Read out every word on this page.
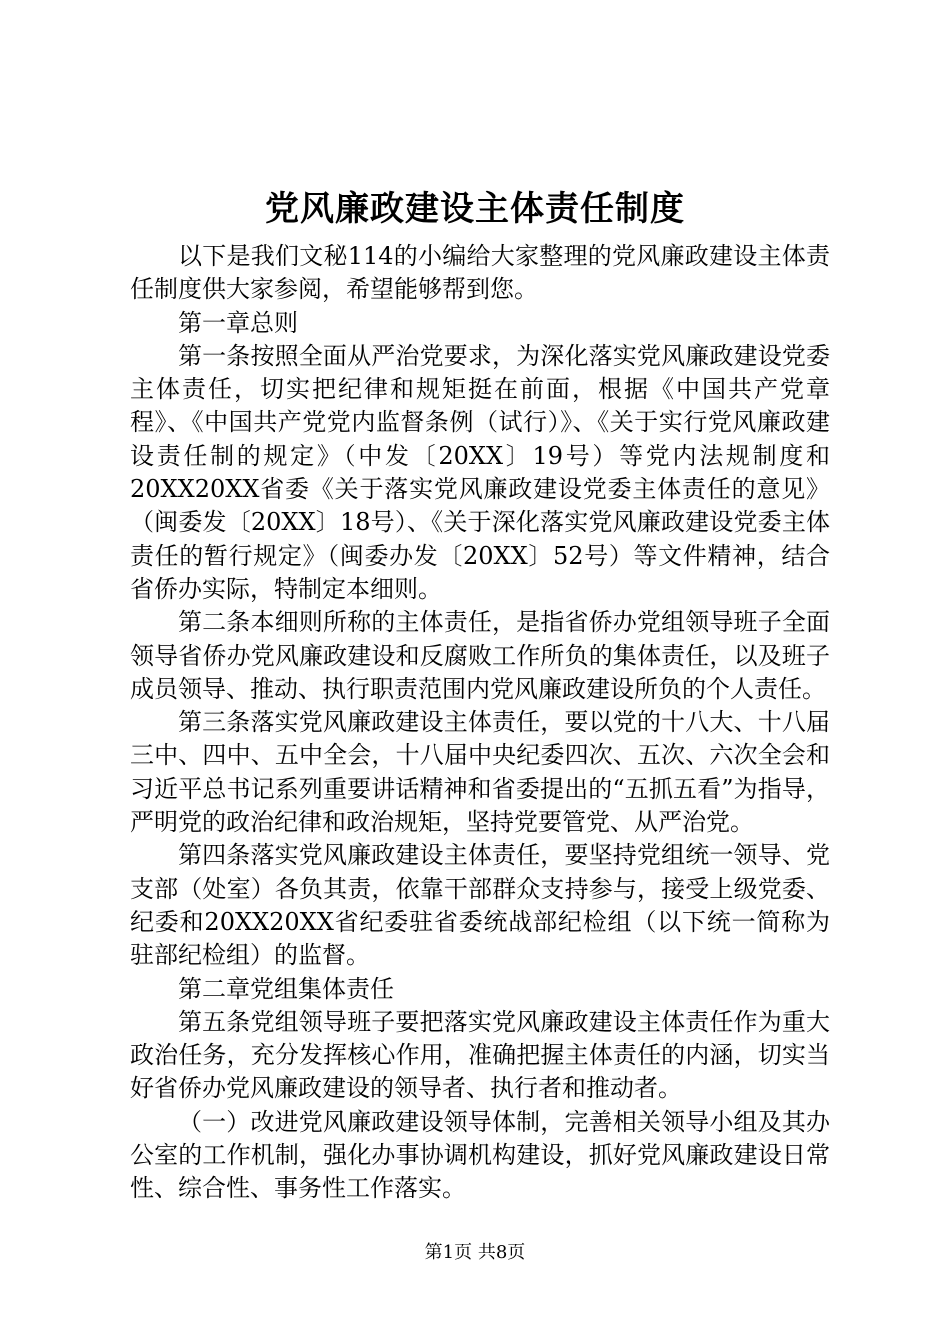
党风廉政建设主体责任制度

以下是我们文秘114的小编给大家整理的党风廉政建设主体责任制度供大家参阅，希望能够帮到您。

第一章总则

第一条按照全面从严治党要求，为深化落实党风廉政建设党委主体责任，切实把纪律和规矩挺在前面，根据《中国共产党章程》、《中国共产党党内监督条例（试行）》、《关于实行党风廉政建设责任制的规定》（中发〔20XX〕19号）等党内法规制度和20XX20XX省委《关于落实党风廉政建设党委主体责任的意见》（闽委发〔20XX〕18号）、《关于深化落实党风廉政建设党委主体责任的暂行规定》（闽委办发〔20XX〕52号）等文件精神，结合省侨办实际，特制定本细则。

第二条本细则所称的主体责任，是指省侨办党组领导班子全面领导省侨办党风廉政建设和反腐败工作所负的集体责任，以及班子成员领导、推动、执行职责范围内党风廉政建设所负的个人责任。

第三条落实党风廉政建设主体责任，要以党的十八大、十八届三中、四中、五中全会，十八届中央纪委四次、五次、六次全会和习近平总书记系列重要讲话精神和省委提出的“五抓五看”为指导，严明党的政治纪律和政治规矩，坚持党要管党、从严治党。

第四条落实党风廉政建设主体责任，要坚持党组统一领导、党支部（处室）各负其责，依靠干部群众支持参与，接受上级党委、纪委和20XX20XX省纪委驻省委统战部纪检组（以下统一简称为驻部纪检组）的监督。

第二章党组集体责任

第五条党组领导班子要把落实党风廉政建设主体责任作为重大政治任务，充分发挥核心作用，准确把握主体责任的内涵，切实当好省侨办党风廉政建设的领导者、执行者和推动者。

（一）改进党风廉政建设领导体制，完善相关领导小组及其办公室的工作机制，强化办事协调机构建设，抓好党风廉政建设日常性、综合性、事务性工作落实。

第1页 共8页
